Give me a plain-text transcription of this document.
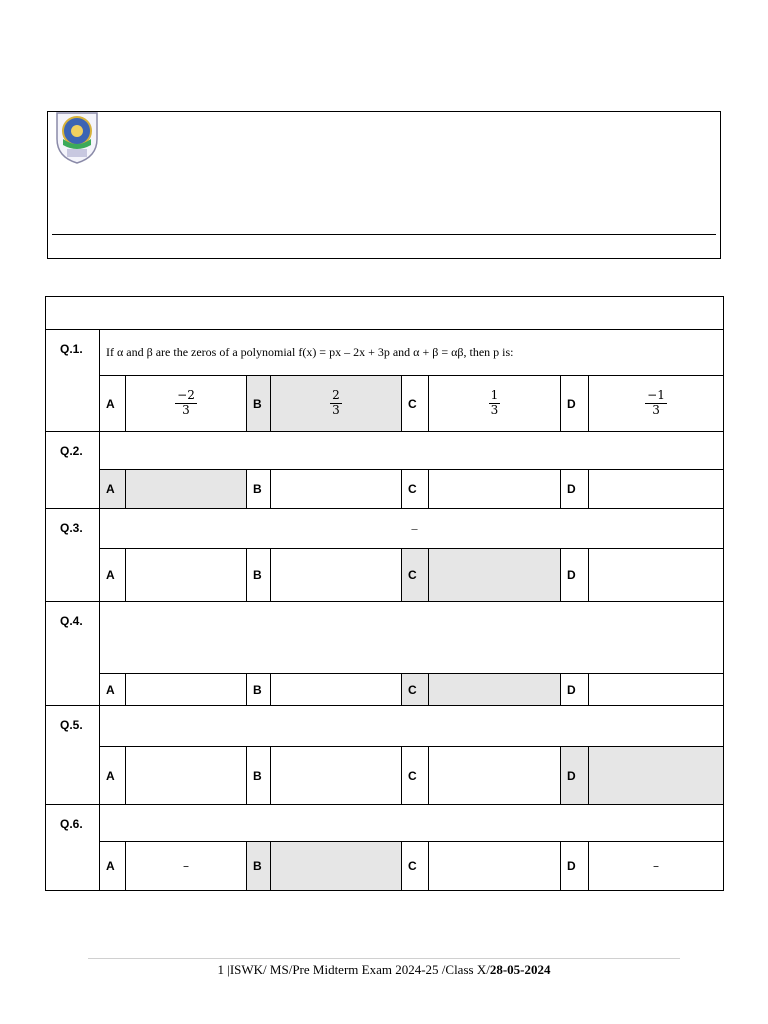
Q.1.	If α and β are the zeros of a polynomial f(x) = px – 2x + 3p and α + β = αβ, then p is:							
	A	$\frac{-2}{3}$	B	$\frac{2}{3}$	C	$\frac{1}{3}$	D	$\frac{-1}{3}$

Q.2.								
	A		B		C		D	
Q.3.	–							
	A		B		C		D	
Q.4.								
	A		B		C		D	
Q.5.								
	A		B		C		D	
Q.6.								
	A	–	B		C		D	–
1 |ISWK/ MS/Pre Midterm Exam 2024-25 /Class X/28-05-2024
